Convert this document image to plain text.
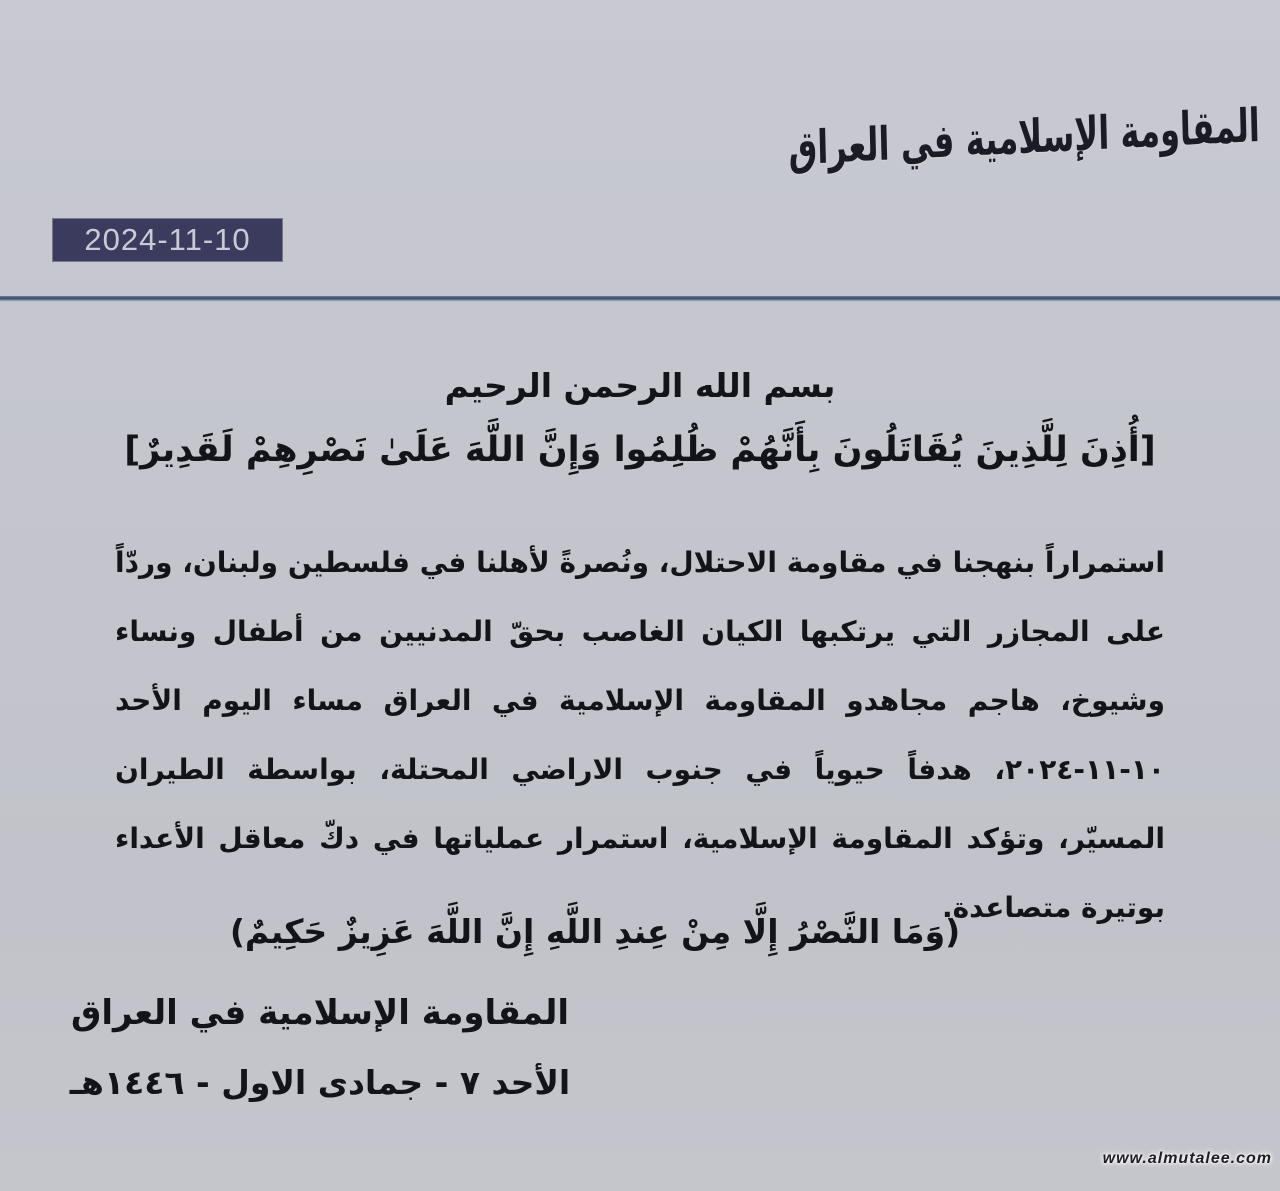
المقاومة الإسلامية في العراق
2024-11-10
بسم الله الرحمن الرحيم
[أُذِنَ لِلَّذِينَ يُقَاتَلُونَ بِأَنَّهُمْ ظُلِمُوا وَإِنَّ اللَّهَ عَلَىٰ نَصْرِهِمْ لَقَدِيرٌ]

استمراراً بنهجنا في مقاومة الاحتلال، ونُصرةً لأهلنا في فلسطين ولبنان، وردّاً على المجازر التي يرتكبها الكيان الغاصب بحقّ المدنيين من أطفال ونساء وشيوخ، هاجم مجاهدو المقاومة الإسلامية في العراق مساء اليوم الأحد ١٠-١١-٢٠٢٤، هدفاً حيوياً في جنوب الاراضي المحتلة، بواسطة الطيران المسيّر، وتؤكد المقاومة الإسلامية، استمرار عملياتها في دكّ معاقل الأعداء بوتيرة متصاعدة.

(وَمَا النَّصْرُ إِلَّا مِنْ عِندِ اللَّهِ إِنَّ اللَّهَ عَزِيزٌ حَكِيمٌ)
المقاومة الإسلامية في العراق
الأحد ٧ - جمادى الاول - ١٤٤٦هـ
www.almutalee.com
